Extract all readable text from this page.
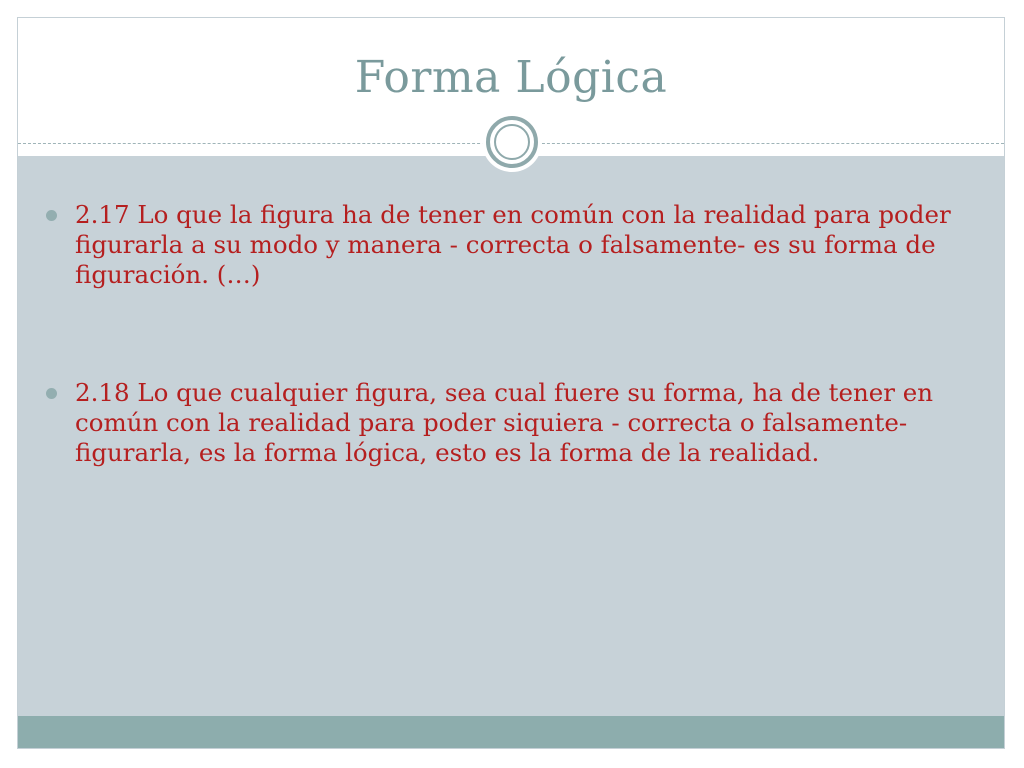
Forma Lógica
2.17 Lo que la figura ha de tener en común con la realidad para poder figurarla a su modo y manera - correcta o falsamente- es su forma de figuración. (…)
2.18 Lo que cualquier figura, sea cual fuere su forma, ha de tener en común con la realidad para poder siquiera - correcta o falsamente- figurarla, es la forma lógica, esto es la forma de la realidad.
